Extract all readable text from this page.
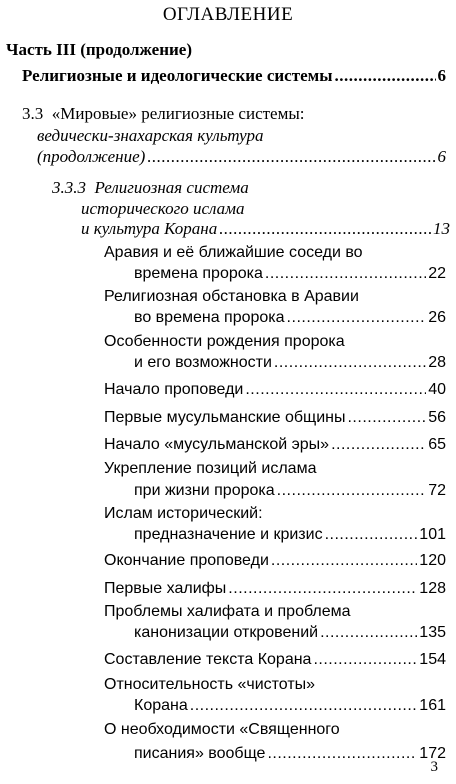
ОГЛАВЛЕНИЕ
Часть III (продолжение)
Религиозные и идеологические системы .....	6
3.3 «Мировые» религиозные системы:
ведически-знахарская культура
(продолжение) .....	6
3.3.3 Религиозная система
исторического ислама
и культура Корана .....	13
Аравия и её ближайшие соседи во
времена пророка .....	22
Религиозная обстановка в Аравии
во времена пророка .....	26
Особенности рождения пророка
и его возможности .....	28
Начало проповеди .....	40
Первые мусульманские общины .....	56
Начало «мусульманской эры» .....	65
Укрепление позиций ислама
при жизни пророка .....	72
Ислам исторический:
предназначение и кризис .....	101
Окончание проповеди .....	120
Первые халифы .....	128
Проблемы халифата и проблема
канонизации откровений .....	135
Составление текста Корана .....	154
Относительность «чистоты»
Корана .....	161
О необходимости «Священного
писания» вообще .....	172
3
